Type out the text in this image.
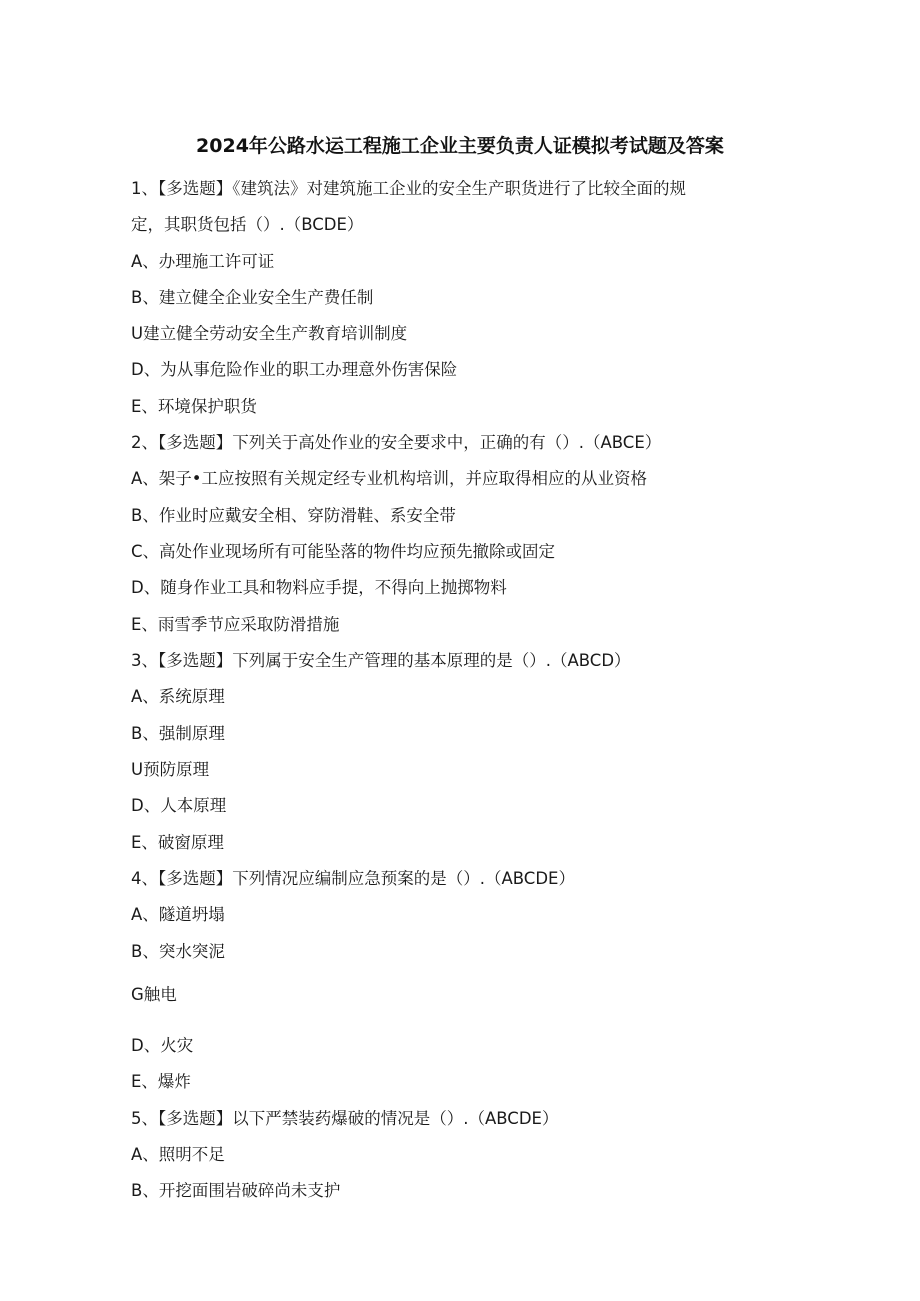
2024年公路水运工程施工企业主要负责人证模拟考试题及答案
1、【多选题】《建筑法》对建筑施工企业的安全生产职货进行了比较全面的规
定，其职货包括（）.（BCDE）
A、办理施工许可证
B、建立健全企业安全生产费任制
U建立健全劳动安全生产教育培训制度
D、为从事危险作业的职工办理意外伤害保险
E、环境保护职货
2、【多选题】下列关于高处作业的安全要求中，正确的有（）.（ABCE）
A、架子•工应按照有关规定经专业机构培训，并应取得相应的从业资格
B、作业时应戴安全相、穿防滑鞋、系安全带
C、高处作业现场所有可能坠落的物件均应预先撤除或固定
D、随身作业工具和物料应手提，不得向上抛掷物料
E、雨雪季节应采取防滑措施
3、【多选题】下列属于安全生产管理的基本原理的是（）.（ABCD）
A、系统原理
B、强制原理
U预防原理
D、人本原理
E、破窗原理
4、【多选题】下列情况应编制应急预案的是（）.（ABCDE）
A、隧道坍塌
B、突水突泥
G触电
D、火灾
E、爆炸
5、【多选题】以下严禁装药爆破的情况是（）.（ABCDE）
A、照明不足
B、开挖面围岩破碎尚未支护
